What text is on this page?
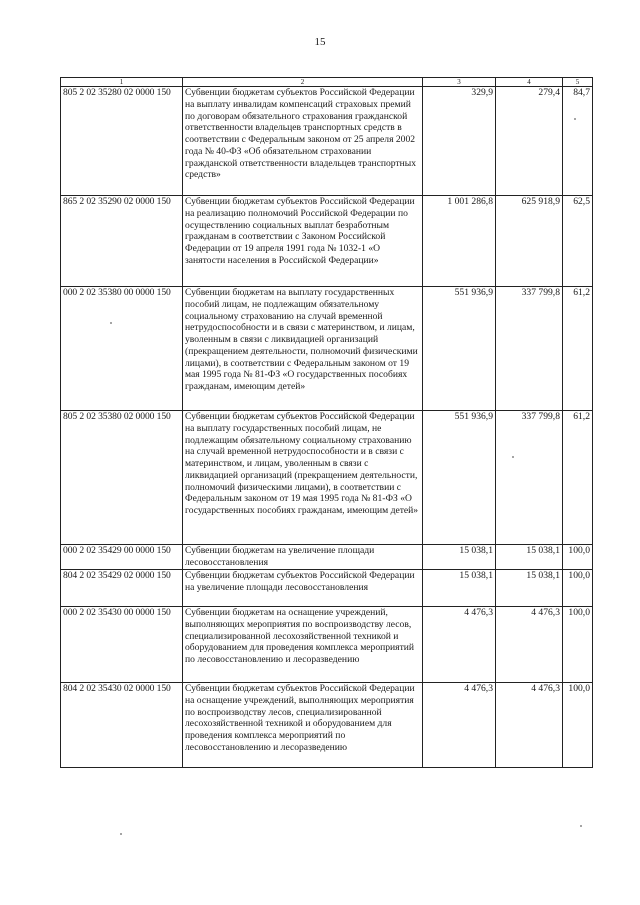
15
1	2	3	4	5
805 2 02 35280 02 0000 150	Субвенции бюджетам субъектов Российской Федерации на выплату инвалидам компенсаций страховых премий по договорам обязательного страхования гражданской ответственности владельцев транспортных средств в соответствии с Федеральным законом от 25 апреля 2002 года № 40-ФЗ «Об обязательном страховании гражданской ответственности владельцев транспортных средств»	329,9	279,4	84,7
865 2 02 35290 02 0000 150	Субвенции бюджетам субъектов Российской Федерации на реализацию полномочий Российской Федерации по осуществлению социальных выплат безработным гражданам в соответствии с Законом Российской Федерации от 19 апреля 1991 года № 1032-1 «О занятости населения в Российской Федерации»	1 001 286,8	625 918,9	62,5
000 2 02 35380 00 0000 150	Субвенции бюджетам на выплату государственных пособий лицам, не подлежащим обязательному социальному страхованию на случай временной нетрудоспособности и в связи с материнством, и лицам, уволенным в связи с ликвидацией организаций (прекращением деятельности, полномочий физическими лицами), в соответствии с Федеральным законом от 19 мая 1995 года № 81-ФЗ «О государственных пособиях гражданам, имеющим детей»	551 936,9	337 799,8	61,2
805 2 02 35380 02 0000 150	Субвенции бюджетам субъектов Российской Федерации на выплату государственных пособий лицам, не подлежащим обязательному социальному страхованию на случай временной нетрудоспособности и в связи с материнством, и лицам, уволенным в связи с ликвидацией организаций (прекращением деятельности, полномочий физическими лицами), в соответствии с Федеральным законом от 19 мая 1995 года № 81-ФЗ «О государственных пособиях гражданам, имеющим детей»	551 936,9	337 799,8	61,2
000 2 02 35429 00 0000 150	Субвенции бюджетам на увеличение площади лесовосстановления	15 038,1	15 038,1	100,0
804 2 02 35429 02 0000 150	Субвенции бюджетам субъектов Российской Федерации на увеличение площади лесовосстановления	15 038,1	15 038,1	100,0
000 2 02 35430 00 0000 150	Субвенции бюджетам на оснащение учреждений, выполняющих мероприятия по воспроизводству лесов, специализированной лесохозяйственной техникой и оборудованием для проведения комплекса мероприятий по лесовосстановлению и лесоразведению	4 476,3	4 476,3	100,0
804 2 02 35430 02 0000 150	Субвенции бюджетам субъектов Российской Федерации на оснащение учреждений, выполняющих мероприятия по воспроизводству лесов, специализированной лесохозяйственной техникой и оборудованием для проведения комплекса мероприятий по лесовосстановлению и лесоразведению	4 476,3	4 476,3	100,0
